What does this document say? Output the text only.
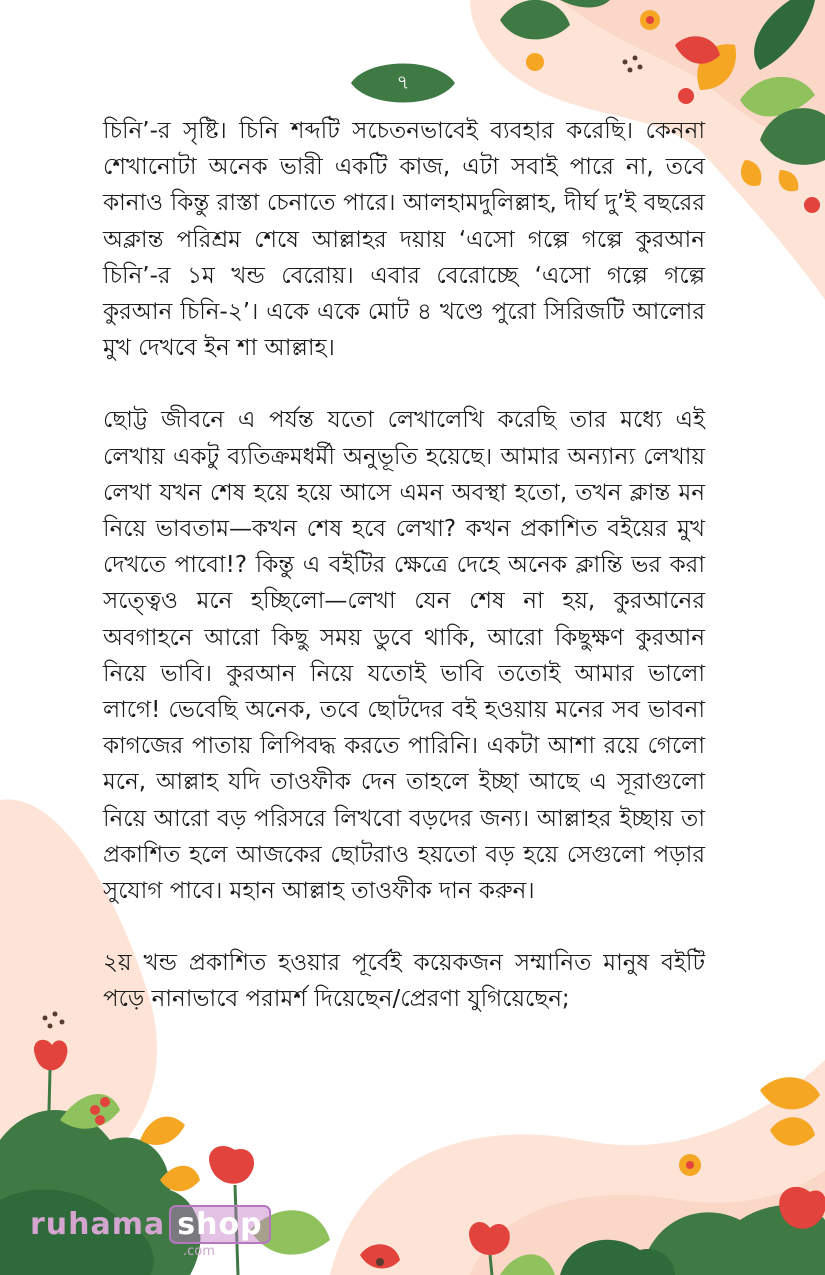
৭

চিনি’-র সৃষ্টি। চিনি শব্দটি সচেতনভাবেই ব্যবহার করেছি। কেননা শেখানোটা অনেক ভারী একটি কাজ, এটা সবাই পারে না, তবে কানাও কিন্তু রাস্তা চেনাতে পারে। আলহামদুলিল্লাহ, দীর্ঘ দু’ই বছরের অক্লান্ত পরিশ্রম শেষে আল্লাহর দয়ায় ‘এসো গল্পে গল্পে কুরআন চিনি’-র ১ম খন্ড বেরোয়। এবার বেরোচ্ছে ‘এসো গল্পে গল্পে কুরআন চিনি-২’। একে একে মোট ৪ খণ্ডে পুরো সিরিজটি আলোর মুখ দেখবে ইন শা আল্লাহ।

ছোট্ট জীবনে এ পর্যন্ত যতো লেখালেখি করেছি তার মধ্যে এই লেখায় একটু ব্যতিক্রমধর্মী অনুভূতি হয়েছে। আমার অন্যান্য লেখায় লেখা যখন শেষ হয়ে হয়ে আসে এমন অবস্থা হতো, তখন ক্লান্ত মন নিয়ে ভাবতাম—কখন শেষ হবে লেখা? কখন প্রকাশিত বইয়ের মুখ দেখতে পাবো!? কিন্তু এ বইটির ক্ষেত্রে দেহে অনেক ক্লান্তি ভর করা সত্ত্বেও মনে হচ্ছিলো—লেখা যেন শেষ না হয়, কুরআনের অবগাহনে আরো কিছু সময় ডুবে থাকি, আরো কিছুক্ষণ কুরআন নিয়ে ভাবি। কুরআন নিয়ে যতোই ভাবি ততোই আমার ভালো লাগে! ভেবেছি অনেক, তবে ছোটদের বই হওয়ায় মনের সব ভাবনা কাগজের পাতায় লিপিবদ্ধ করতে পারিনি। একটা আশা রয়ে গেলো মনে, আল্লাহ যদি তাওফীক দেন তাহলে ইচ্ছা আছে এ সূরাগুলো নিয়ে আরো বড় পরিসরে লিখবো বড়দের জন্য। আল্লাহর ইচ্ছায় তা প্রকাশিত হলে আজকের ছোটরাও হয়তো বড় হয়ে সেগুলো পড়ার সুযোগ পাবে। মহান আল্লাহ তাওফীক দান করুন।

২য় খন্ড প্রকাশিত হওয়ার পূর্বেই কয়েকজন সম্মানিত মানুষ বইটি পড়ে নানাভাবে পরামর্শ দিয়েছেন/প্রেরণা যুগিয়েছেন;

ruhama shop
.com
